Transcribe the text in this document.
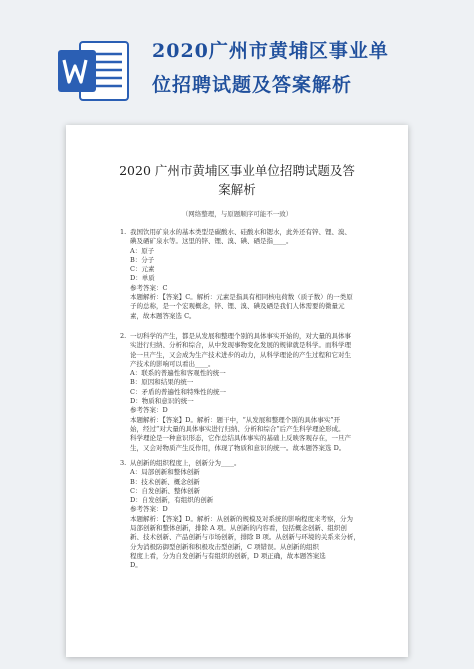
2020广州市黄埔区事业单
位招聘试题及答案解析
2020 广州市黄埔区事业单位招聘试题及答
案解析
（网络整理，与原题顺序可能不一致）
1. 我国饮用矿泉水的基本类型是碳酸水、硅酸水和锶水，此外还有锌、锂、溴、
碘及硒矿泉水等。这里的锌、锂、溴、碘、硒是指____。
A：原子
B：分子
C：元素
D：单质
参考答案：C
本题解析：【答案】C。解析：元素是指具有相同核电荷数（质子数）的一类原
子的总称，是一个宏观概念，锌、锂、溴、碘及硒是我们人体需要的微量元
素，故本题答案选 C。
2. 一切科学的产生，都是从发展和整理个别的具体事实开始的，对大量的具体事
实进行归纳、分析和综合，从中发现事物变化发展的规律就是科学。而科学理
论一旦产生，又会成为生产技术进步的动力，从科学理论的产生过程和它对生
产技术的影响可以看出____。
A：联系的普遍性和客观性的统一
B：原因和结果的统一
C：矛盾的普遍性和特殊性的统一
D：物质和意识的统一
参考答案：D
本题解析：【答案】D。解析：题干中，“从发展和整理个别的具体事实”开
始，经过“对大量的具体事实进行归纳、分析和综合”后产生科学理论形成。
科学理论是一种意识形态，它作总结具体事实的基础上反映客观存在，一旦产
生，又会对物质产生反作用，体现了物质和意识的统一。故本题答案选 D。
3. 从创新的组织程度上，创新分为____。
A：局部创新和整体创新
B：技术创新、概念创新
C：自发创新、整体创新
D：自发创新，有组织的创新
参考答案：D
本题解析：【答案】D。解析：从创新的规模及对系统的影响程度来考察，分为
局部创新和整体创新，排除 A 项。从创新的内容看，包括概念创新、组织创
新、技术创新、产品创新与市场创新，排除 B 项。从创新与环境的关系来分析，
分为消极防御型创新和积极攻击型创新，C 项错误。从创新的组织
程度上看，分为自发创新与有组织的创新，D 项正确，故本题答案选
D。
